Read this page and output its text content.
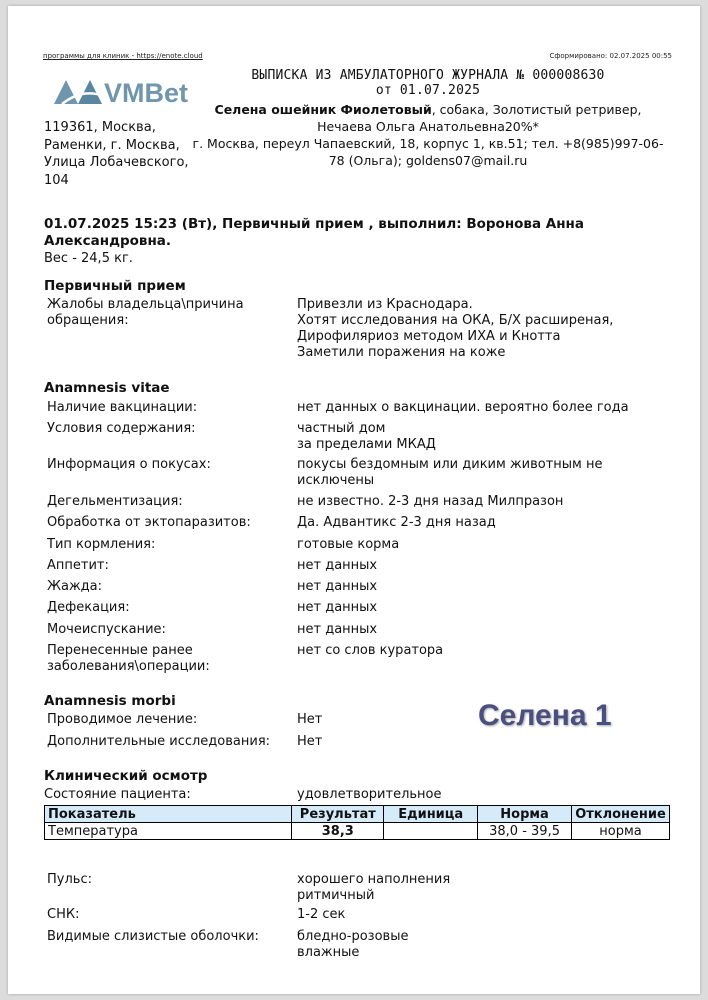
программы для клиник - https://enote.cloud	Сформировано: 02.07.2025 00:55
VMBet
119361, Москва, Раменки, г. Москва, Улица Лобачевского, 104
ВЫПИСКА ИЗ АМБУЛАТОРНОГО ЖУРНАЛА № 000008630
от 01.07.2025
Селена ошейник Фиолетовый, собака, Золотистый ретривер,
Нечаева Ольга Анатольевна20%*
г. Москва, переул Чапаевский, 18, корпус 1, кв.51; тел. +8(985)997-06-78 (Ольга); goldens07@mail.ru
01.07.2025 15:23 (Вт), Первичный прием , выполнил: Воронова Анна Александровна.
Вес - 24,5 кг.
Первичный прием
Жалобы владельца\причина обращения:
Привезли из Краснодара.
Хотят исследования на ОКА, Б/Х расширеная,
Дирофиляриоз методом ИХА и Кнотта
Заметили поражения на коже
Anamnesis vitae
Наличие вакцинации:	нет данных о вакцинации. вероятно более года
Условия содержания:	частный дом
за пределами МКАД
Информация о покусах:	покусы бездомным или диким животным не исключены
Дегельментизация:	не известно. 2-3 дня назад Милпразон
Обработка от эктопаразитов:	Да. Адвантикс 2-3 дня назад
Тип кормления:	готовые корма
Аппетит:	нет данных
Жажда:	нет данных
Дефекация:	нет данных
Мочеиспускание:	нет данных
Перенесенные ранее заболевания\операции:
нет со слов куратора
Anamnesis morbi
Проводимое лечение:	Нет
Дополнительные исследования:	Нет
Селена 1
Клинический осмотр
Состояние пациента:	удовлетворительное
Показатель	Результат	Единица	Норма	Отклонение
Температура	38,3		38,0 - 39,5	норма
Пульс:	хорошего наполнения
ритмичный
СНК:	1-2 сек
Видимые слизистые оболочки:	бледно-розовые
влажные
